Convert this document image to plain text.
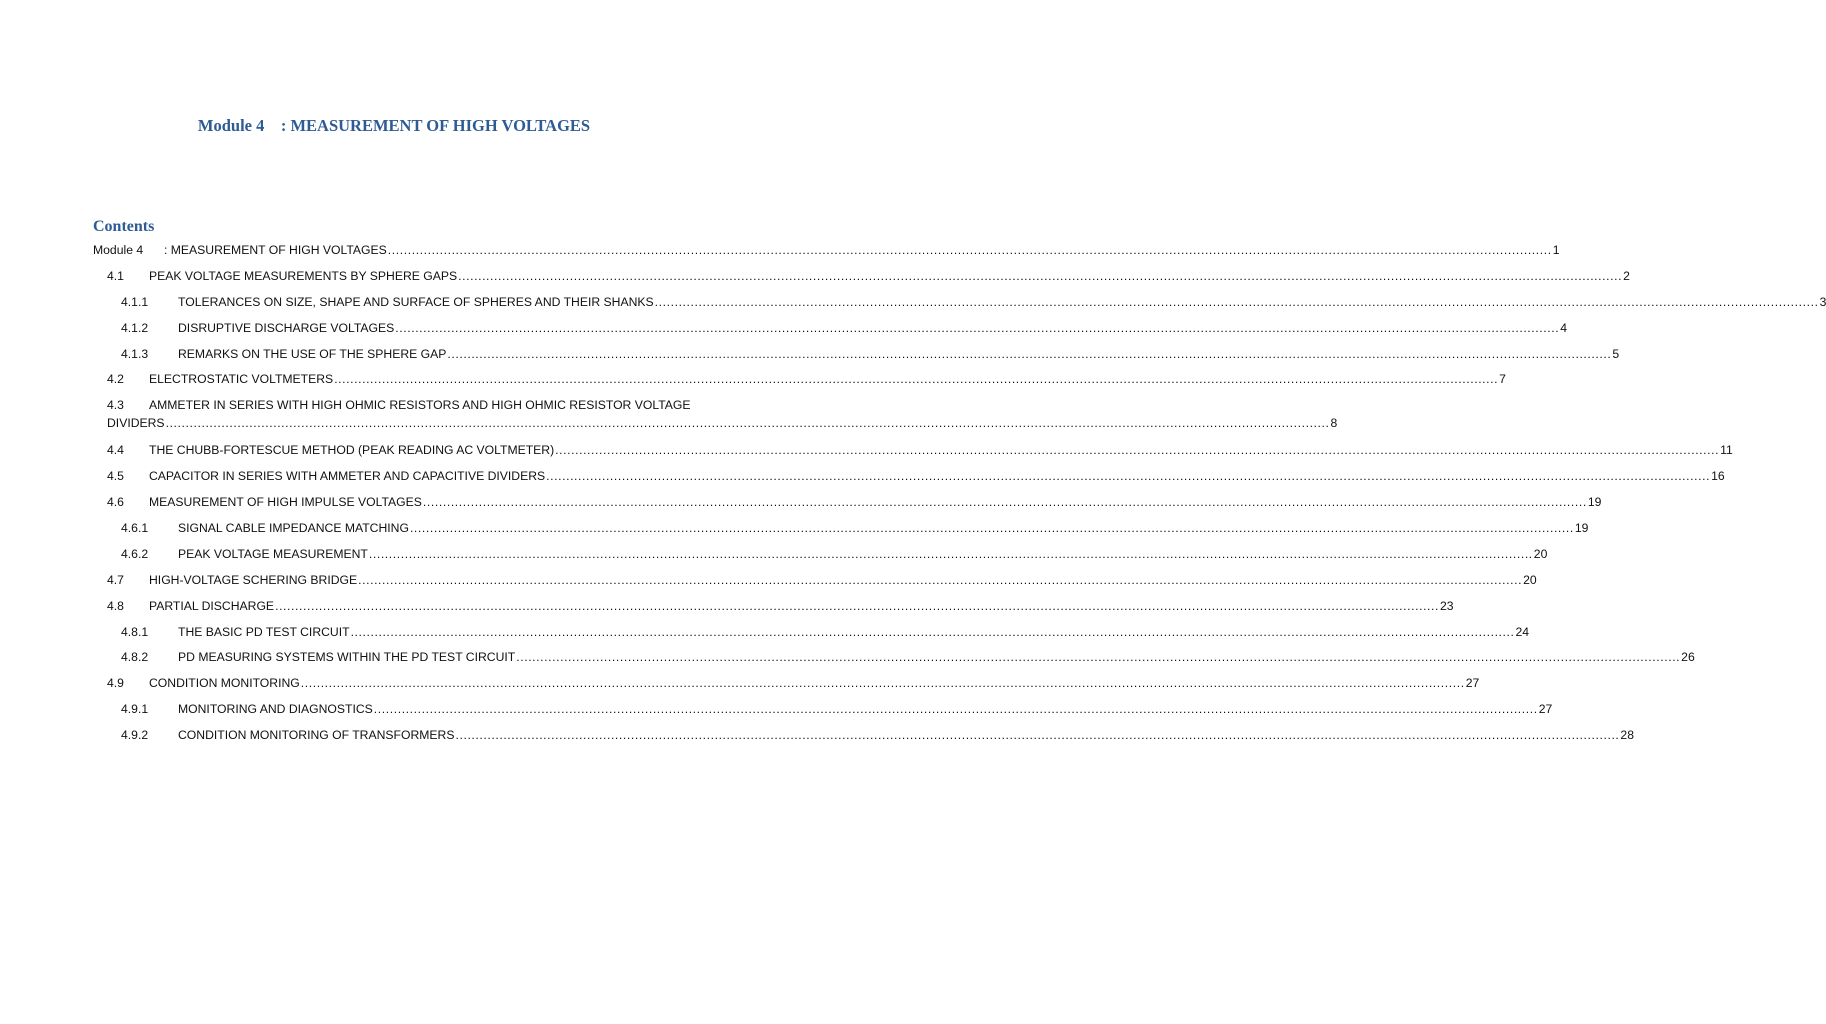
Module 4    : MEASUREMENT OF HIGH VOLTAGES
Contents
Module 4	: MEASUREMENT OF HIGH VOLTAGES .....	1
4.1	PEAK VOLTAGE MEASUREMENTS BY SPHERE GAPS .....	2
4.1.1	TOLERANCES ON SIZE, SHAPE AND SURFACE OF SPHERES AND THEIR SHANKS .....	3
4.1.2	DISRUPTIVE DISCHARGE VOLTAGES .....	4
4.1.3	REMARKS ON THE USE OF THE SPHERE GAP .....	5
4.2	ELECTROSTATIC VOLTMETERS .....	7
4.3	AMMETER IN SERIES WITH HIGH OHMIC RESISTORS AND HIGH OHMIC RESISTOR VOLTAGE
DIVIDERS .....	8
4.4	THE CHUBB-FORTESCUE METHOD (PEAK READING AC VOLTMETER) .....	11
4.5	CAPACITOR IN SERIES WITH AMMETER AND CAPACITIVE DIVIDERS .....	16
4.6	MEASUREMENT OF HIGH IMPULSE VOLTAGES .....	19
4.6.1	SIGNAL CABLE IMPEDANCE MATCHING .....	19
4.6.2	PEAK VOLTAGE MEASUREMENT .....	20
4.7	HIGH-VOLTAGE SCHERING BRIDGE .....	20
4.8	PARTIAL DISCHARGE .....	23
4.8.1	THE BASIC PD TEST CIRCUIT .....	24
4.8.2	PD MEASURING SYSTEMS WITHIN THE PD TEST CIRCUIT .....	26
4.9	CONDITION MONITORING .....	27
4.9.1	MONITORING AND DIAGNOSTICS .....	27
4.9.2	CONDITION MONITORING OF TRANSFORMERS .....	28
